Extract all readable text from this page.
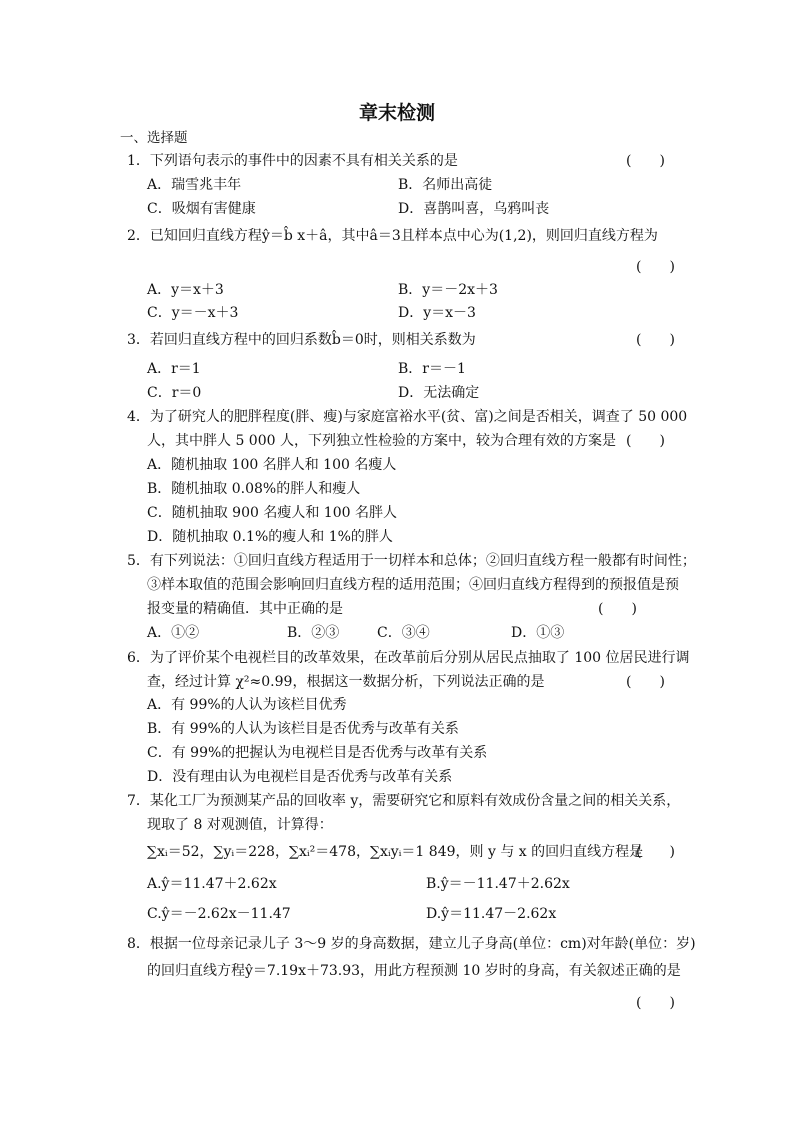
章末检测
一、选择题
1．下列语句表示的事件中的因素不具有相关关系的是	(　　)
A．瑞雪兆丰年	B．名师出高徒
C．吸烟有害健康	D．喜鹊叫喜，乌鸦叫丧
2．已知回归直线方程ŷ＝b̂ x＋â，其中â＝3且样本点中心为(1,2)，则回归直线方程为
(　　)
A．y＝x＋3	B．y＝－2x＋3
C．y＝－x＋3	D．y＝x－3
3．若回归直线方程中的回归系数b̂＝0时，则相关系数为	(　　)
A．r＝1	B．r＝－1
C．r＝0	D．无法确定
4．为了研究人的肥胖程度(胖、瘦)与家庭富裕水平(贫、富)之间是否相关，调查了 50 000
人，其中胖人 5 000 人，下列独立性检验的方案中，较为合理有效的方案是 (　　)
A．随机抽取 100 名胖人和 100 名瘦人
B．随机抽取 0.08%的胖人和瘦人
C．随机抽取 900 名瘦人和 100 名胖人
D．随机抽取 0.1%的瘦人和 1%的胖人
5．有下列说法：①回归直线方程适用于一切样本和总体；②回归直线方程一般都有时间性；
③样本取值的范围会影响回归直线方程的适用范围；④回归直线方程得到的预报值是预
报变量的精确值．其中正确的是	(　　)
A．①②	B．②③	C．③④	D．①③
6．为了评价某个电视栏目的改革效果，在改革前后分别从居民点抽取了 100 位居民进行调
查，经过计算 χ²≈0.99，根据这一数据分析，下列说法正确的是	(　　)
A．有 99%的人认为该栏目优秀
B．有 99%的人认为该栏目是否优秀与改革有关系
C．有 99%的把握认为电视栏目是否优秀与改革有关系
D．没有理由认为电视栏目是否优秀与改革有关系
7．某化工厂为预测某产品的回收率 y，需要研究它和原料有效成份含量之间的相关关系，
现取了 8 对观测值，计算得：
∑xᵢ＝52，∑yᵢ＝228，∑xᵢ²＝478，∑xᵢyᵢ＝1 849，则 y 与 x 的回归直线方程是
(　　)
A.ŷ＝11.47＋2.62x	B.ŷ＝－11.47＋2.62x
C.ŷ＝－2.62x－11.47	D.ŷ＝11.47－2.62x
8．根据一位母亲记录儿子 3～9 岁的身高数据，建立儿子身高(单位：cm)对年龄(单位：岁)
的回归直线方程ŷ＝7.19x＋73.93，用此方程预测 10 岁时的身高，有关叙述正确的是
(　　)
